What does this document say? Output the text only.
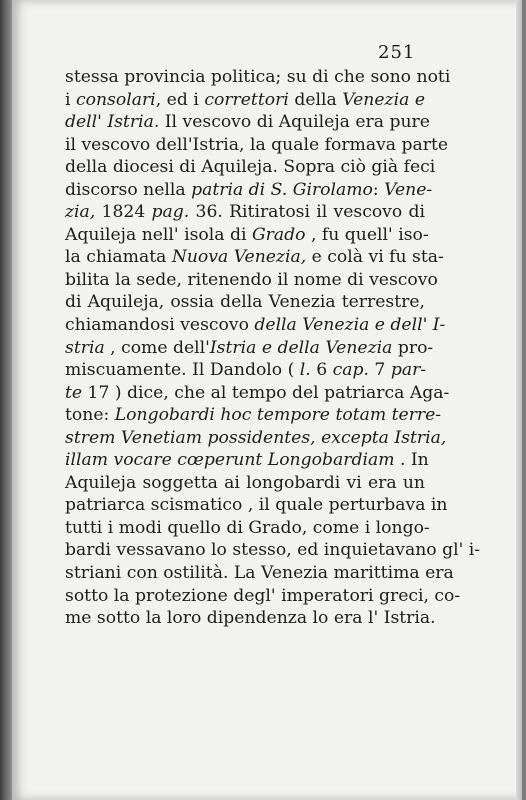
251
stessa provincia politica; su di che sono noti
i consolari, ed i correttori della Venezia e
dell' Istria. Il vescovo di Aquileja era pure
il vescovo dell'Istria, la quale formava parte
della diocesi di Aquileja. Sopra ciò già feci
discorso nella patria di S. Girolamo: Vene-
zia, 1824 pag. 36. Ritiratosi il vescovo di
Aquileja nell' isola di Grado , fu quell' iso-
la chiamata Nuova Venezia, e colà vi fu sta-
bilita la sede, ritenendo il nome di vescovo
di Aquileja, ossia della Venezia terrestre,
chiamandosi vescovo della Venezia e dell' I-
stria , come dell'Istria e della Venezia pro-
miscuamente. Il Dandolo ( l. 6 cap. 7 par-
te 17 ) dice, che al tempo del patriarca Aga-
tone: Longobardi hoc tempore totam terre-
strem Venetiam possidentes, excepta Istria,
illam vocare cœperunt Longobardiam . In
Aquileja soggetta ai longobardi vi era un
patriarca scismatico , il quale perturbava in
tutti i modi quello di Grado, come i longo-
bardi vessavano lo stesso, ed inquietavano gl' i-
striani con ostilità. La Venezia marittima era
sotto la protezione degl' imperatori greci, co-
me sotto la loro dipendenza lo era l' Istria.
